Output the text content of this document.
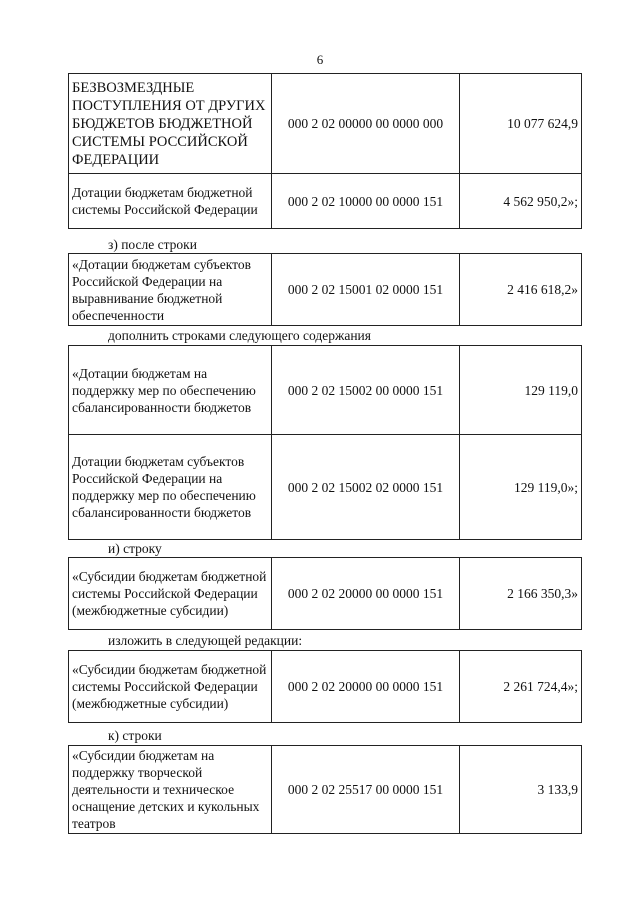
6
БЕЗВОЗМЕЗДНЫЕ ПОСТУПЛЕНИЯ ОТ ДРУГИХ БЮДЖЕТОВ БЮДЖЕТНОЙ СИСТЕМЫ РОССИЙСКОЙ ФЕДЕРАЦИИ	000 2 02 00000 00 0000 000	10 077 624,9
Дотации бюджетам бюджетной системы Российской Федерации	000 2 02 10000 00 0000 151	4 562 950,2»;
з) после строки
«Дотации бюджетам субъектов Российской Федерации на выравнивание бюджетной обеспеченности	000 2 02 15001 02 0000 151	2 416 618,2»
дополнить строками следующего содержания
«Дотации бюджетам на поддержку мер по обеспечению сбалансированности бюджетов	000 2 02 15002 00 0000 151	129 119,0
Дотации бюджетам субъектов Российской Федерации на поддержку мер по обеспечению сбалансированности бюджетов	000 2 02 15002 02 0000 151	129 119,0»;
и) строку
«Субсидии бюджетам бюджетной системы Российской Федерации (межбюджетные субсидии)	000 2 02 20000 00 0000 151	2 166 350,3»
изложить в следующей редакции:
«Субсидии бюджетам бюджетной системы Российской Федерации (межбюджетные субсидии)	000 2 02 20000 00 0000 151	2 261 724,4»;
к) строки
«Субсидии бюджетам на поддержку творческой деятельности и техническое оснащение детских и кукольных театров	000 2 02 25517 00 0000 151	3 133,9
